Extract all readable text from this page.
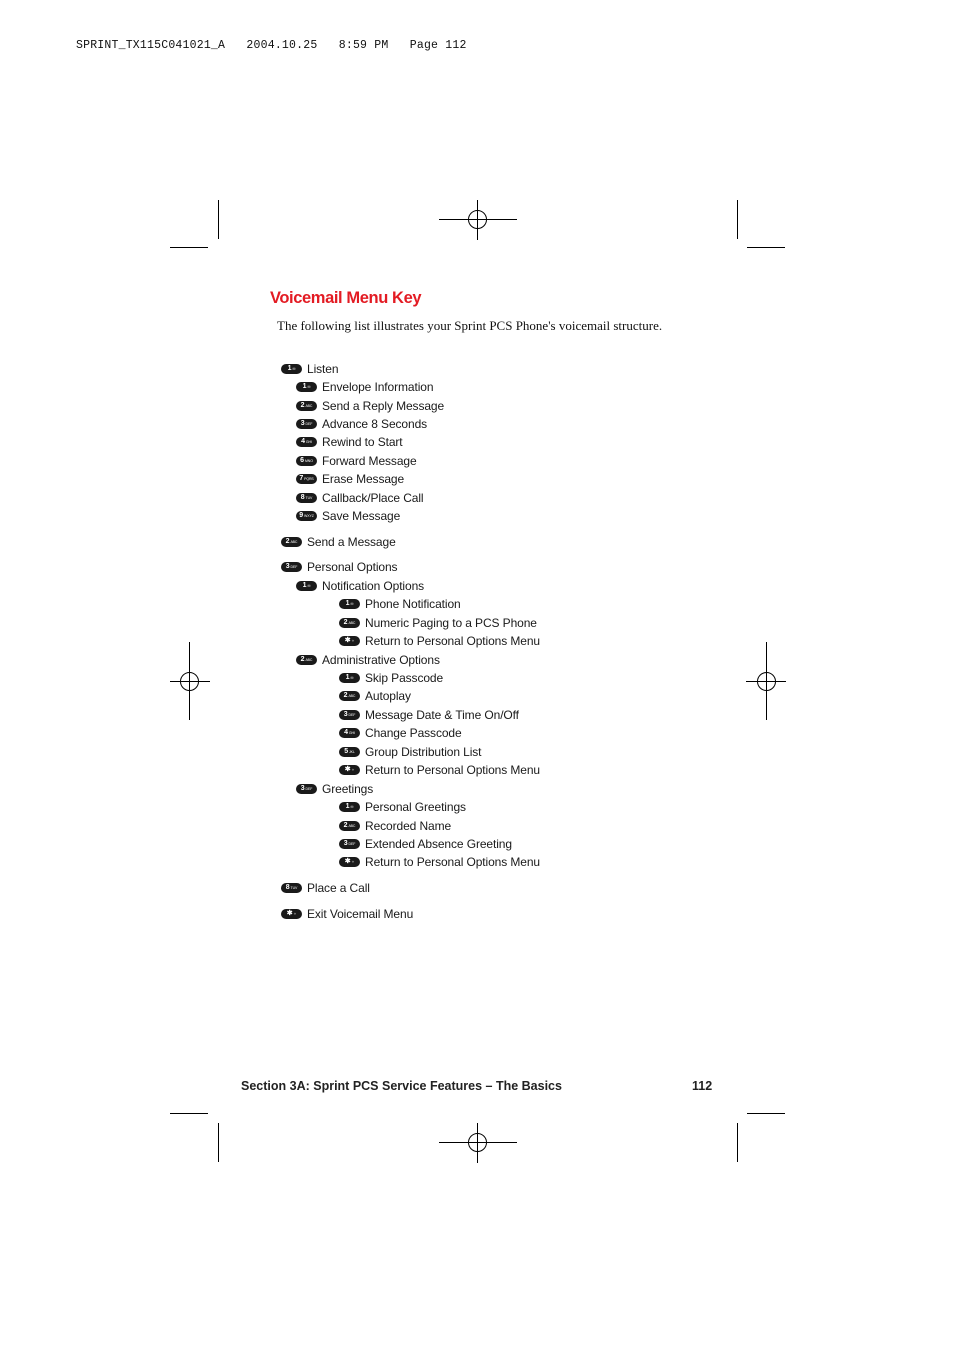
SPRINT_TX115C041021_A   2004.10.25   8:59 PM   Page 112
Voicemail Menu Key
The following list illustrates your Sprint PCS Phone's voicemail structure.
1 ✉ Listen
1 ✉ Envelope Information
2 ABC Send a Reply Message
3 DEF Advance 8 Seconds
4 GHI Rewind to Start
6 MNO Forward Message
7 PQRS Erase Message
8 TUV Callback/Place Call
9 WXYZ Save Message
2 ABC Send a Message
3 DEF Personal Options
1 ✉ Notification Options
1 ✉ Phone Notification
2 ABC Numeric Paging to a PCS Phone
✱ ✧ Return to Personal Options Menu
2 ABC Administrative Options
1 ✉ Skip Passcode
2 ABC Autoplay
3 DEF Message Date & Time On/Off
4 GHI Change Passcode
5 JKL Group Distribution List
✱ ✧ Return to Personal Options Menu
3 DEF Greetings
1 ✉ Personal Greetings
2 ABC Recorded Name
3 DEF Extended Absence Greeting
✱ ✧ Return to Personal Options Menu
8 TUV Place a Call
✱ ✧ Exit Voicemail Menu
Section 3A: Sprint PCS Service Features – The Basics	112
